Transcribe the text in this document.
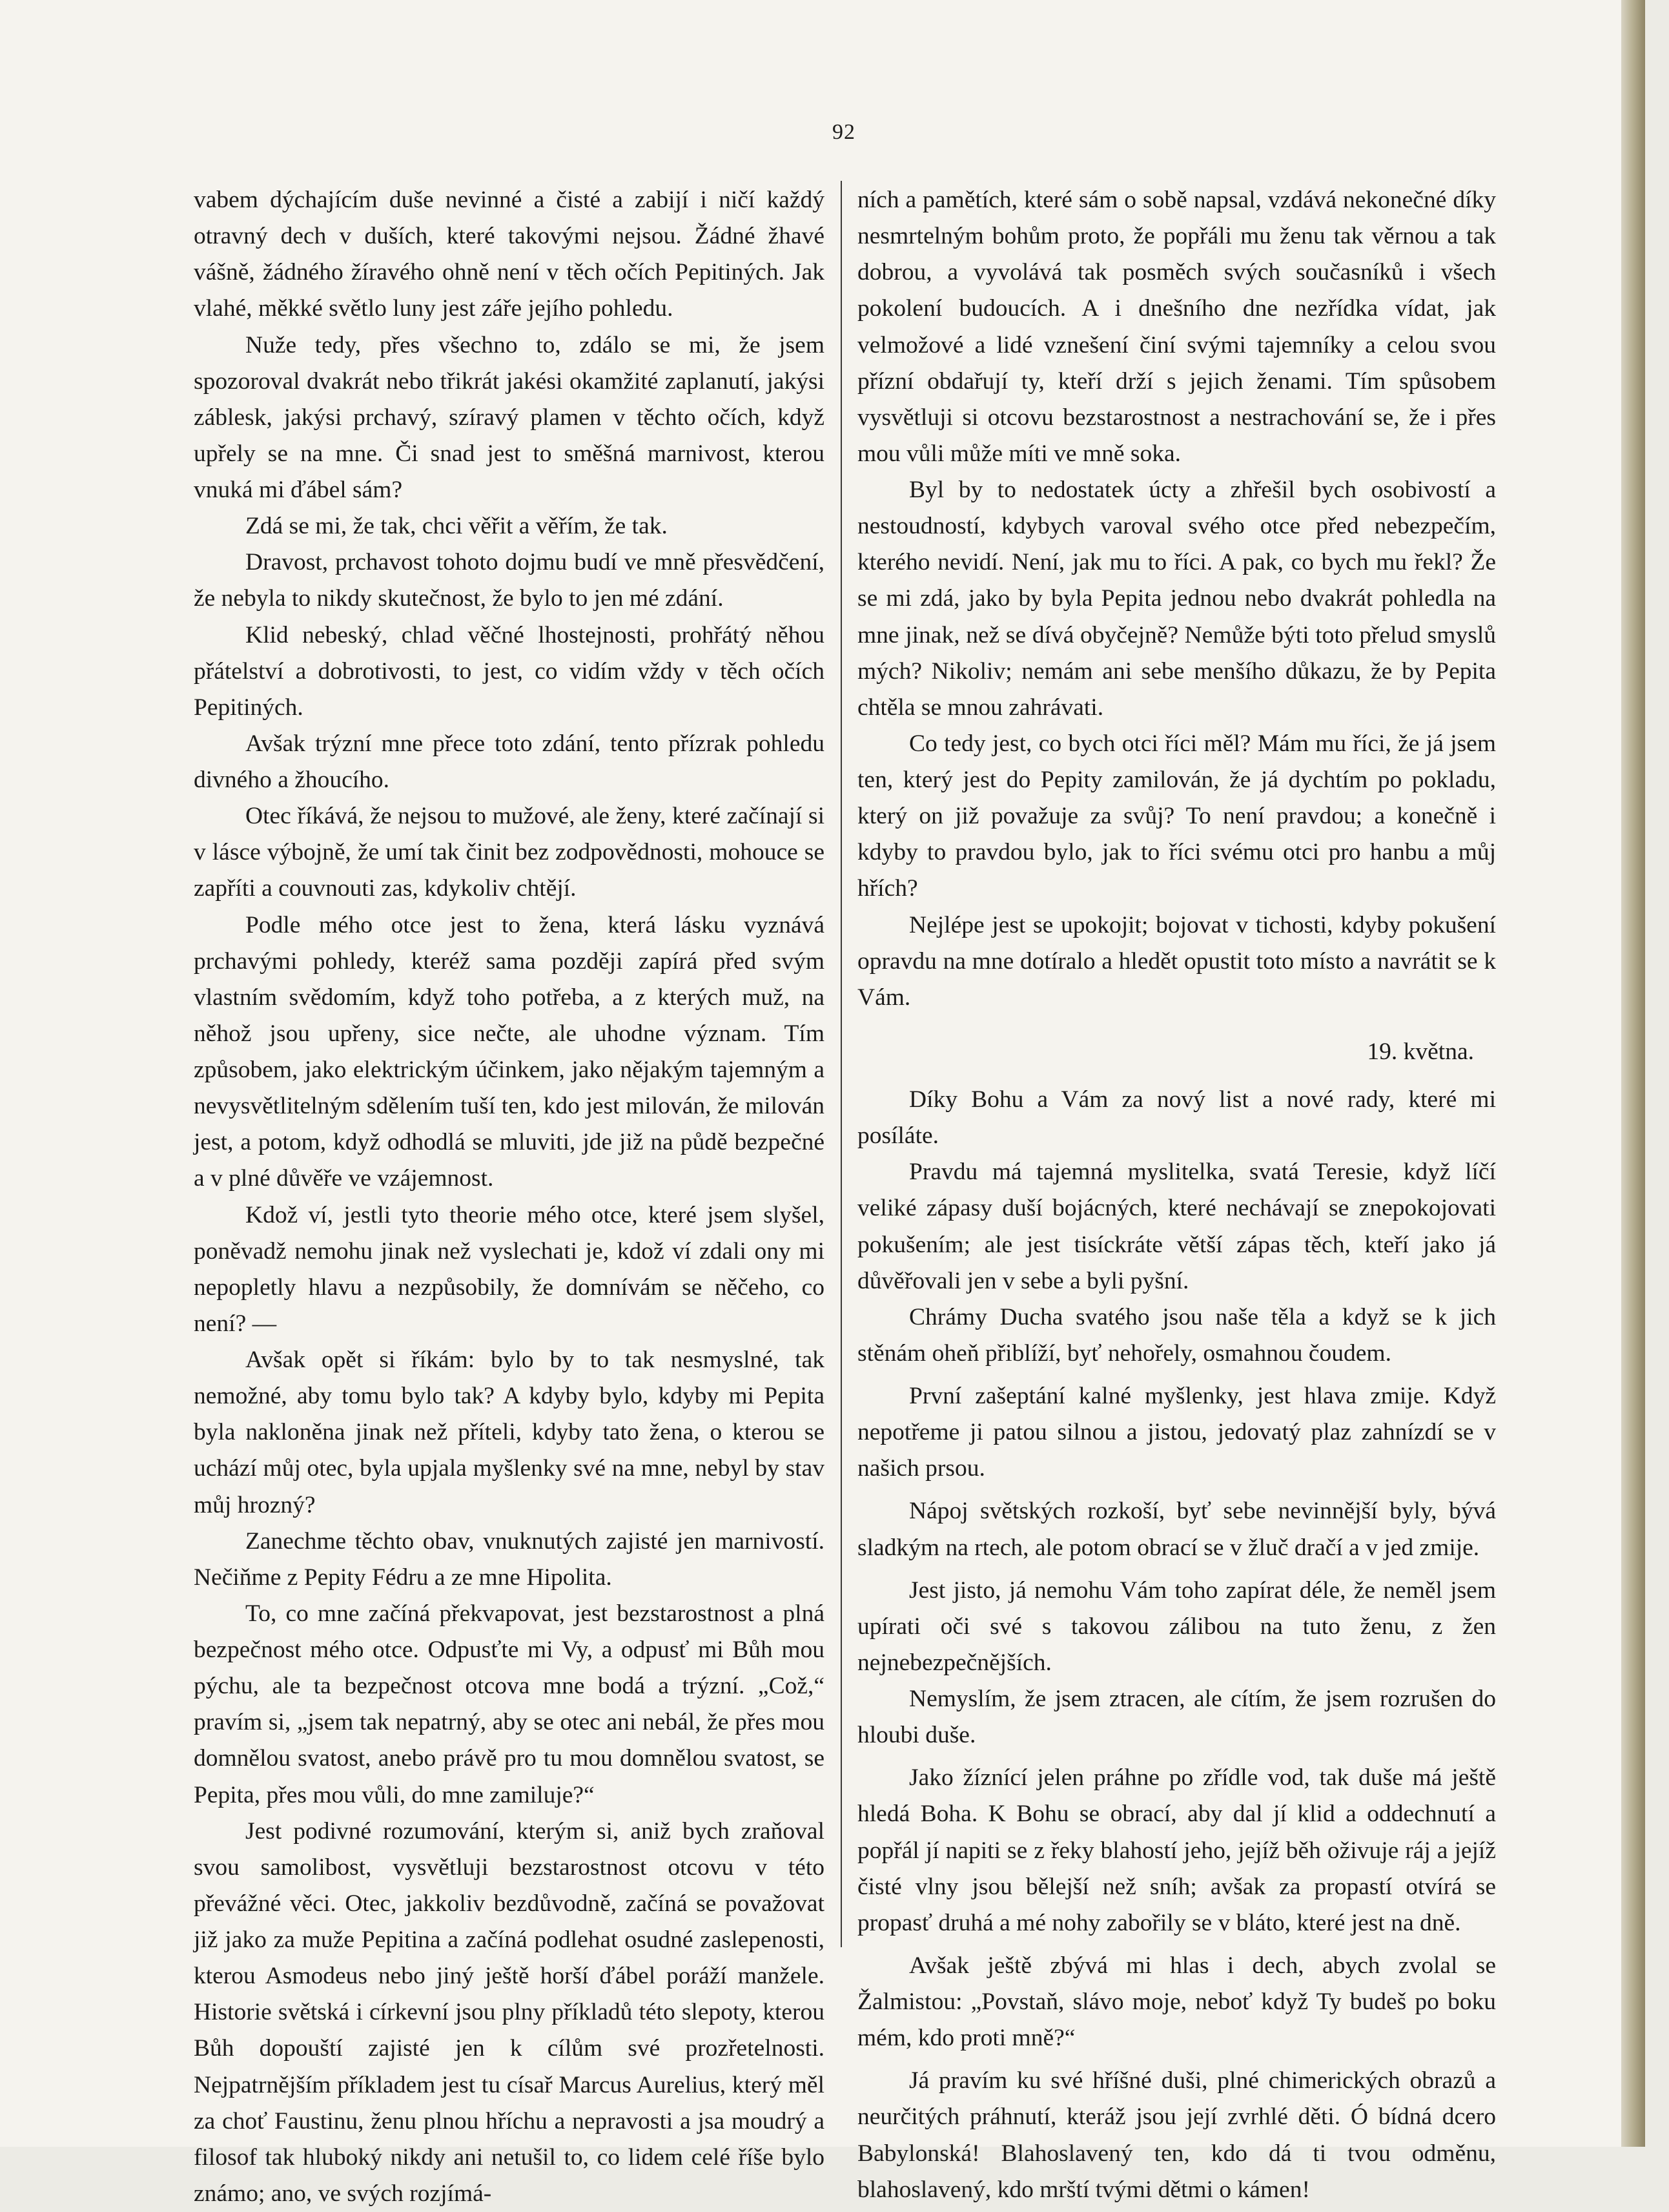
92

vabem dýchajícím duše nevinné a čisté a zabijí i ničí každý otravný dech v duších, které takovými nejsou. Žádné žhavé vášně, žádného žíravého ohně není v těch očích Pepitiných. Jak vlahé, měkké světlo luny jest záře jejího pohledu.

Nuže tedy, přes všechno to, zdálo se mi, že jsem spozoroval dvakrát nebo třikrát jakési okamžité zaplanutí, jakýsi záblesk, jakýsi prchavý, szíravý plamen v těchto očích, když upřely se na mne. Či snad jest to směšná marnivost, kterou vnuká mi ďábel sám?

Zdá se mi, že tak, chci věřit a věřím, že tak.

Dravost, prchavost tohoto dojmu budí ve mně přesvědčení, že nebyla to nikdy skutečnost, že bylo to jen mé zdání.

Klid nebeský, chlad věčné lhostejnosti, prohřátý něhou přátelství a dobrotivosti, to jest, co vidím vždy v těch očích Pepitiných.

Avšak trýzní mne přece toto zdání, tento přízrak pohledu divného a žhoucího.

Otec říkává, že nejsou to mužové, ale ženy, které začínají si v lásce výbojně, že umí tak činit bez zodpovědnosti, mohouce se zapříti a couvnouti zas, kdykoliv chtějí.

Podle mého otce jest to žena, která lásku vyznává prchavými pohledy, kteréž sama později zapírá před svým vlastním svědomím, když toho potřeba, a z kterých muž, na něhož jsou upřeny, sice nečte, ale uhodne význam. Tím způsobem, jako elektrickým účinkem, jako nějakým tajemným a nevysvětlitelným sdělením tuší ten, kdo jest milován, že milován jest, a potom, když odhodlá se mluviti, jde již na půdě bezpečné a v plné důvěře ve vzájemnost.

Kdož ví, jestli tyto theorie mého otce, které jsem slyšel, poněvadž nemohu jinak než vyslechati je, kdož ví zdali ony mi nepopletly hlavu a nezpůsobily, že domnívám se něčeho, co není? —

Avšak opět si říkám: bylo by to tak nesmyslné, tak nemožné, aby tomu bylo tak? A kdyby bylo, kdyby mi Pepita byla nakloněna jinak než příteli, kdyby tato žena, o kterou se uchází můj otec, byla upjala myšlenky své na mne, nebyl by stav můj hrozný?

Zanechme těchto obav, vnuknutých zajisté jen marnivostí. Nečiňme z Pepity Fédru a ze mne Hipolita.

To, co mne začíná překvapovat, jest bezstarostnost a plná bezpečnost mého otce. Odpusťte mi Vy, a odpusť mi Bůh mou pýchu, ale ta bezpečnost otcova mne bodá a trýzní. „Což,“ pravím si, „jsem tak nepatrný, aby se otec ani nebál, že přes mou domnělou svatost, anebo právě pro tu mou domnělou svatost, se Pepita, přes mou vůli, do mne zamiluje?“

Jest podivné rozumování, kterým si, aniž bych zraňoval svou samolibost, vysvětluji bezstarostnost otcovu v této převážné věci. Otec, jakkoliv bezdůvodně, začíná se považovat již jako za muže Pepitina a začíná podlehat osudné zaslepenosti, kterou Asmodeus nebo jiný ještě horší ďábel poráží manžele. Historie světská i církevní jsou plny příkladů této slepoty, kterou Bůh dopouští zajisté jen k cílům své prozřetelnosti. Nejpatrnějším příkladem jest tu císař Marcus Aurelius, který měl za choť Faustinu, ženu plnou hříchu a nepravosti a jsa moudrý a filosof tak hluboký nikdy ani netušil to, co lidem celé říše bylo známo; ano, ve svých rozjímá-

ních a pamětích, které sám o sobě napsal, vzdává nekonečné díky nesmrtelným bohům proto, že popřáli mu ženu tak věrnou a tak dobrou, a vyvolává tak posměch svých současníků i všech pokolení budoucích. A i dnešního dne nezřídka vídat, jak velmožové a lidé vznešení činí svými tajemníky a celou svou přízní obdařují ty, kteří drží s jejich ženami. Tím spůsobem vysvětluji si otcovu bezstarostnost a nestrachování se, že i přes mou vůli může míti ve mně soka.

Byl by to nedostatek úcty a zhřešil bych osobivostí a nestoudností, kdybych varoval svého otce před nebezpečím, kterého nevidí. Není, jak mu to říci. A pak, co bych mu řekl? Že se mi zdá, jako by byla Pepita jednou nebo dvakrát pohledla na mne jinak, než se dívá obyčejně? Nemůže býti toto přelud smyslů mých? Nikoliv; nemám ani sebe menšího důkazu, že by Pepita chtěla se mnou zahrávati.

Co tedy jest, co bych otci říci měl? Mám mu říci, že já jsem ten, který jest do Pepity zamilován, že já dychtím po pokladu, který on již považuje za svůj? To není pravdou; a konečně i kdyby to pravdou bylo, jak to říci svému otci pro hanbu a můj hřích?

Nejlépe jest se upokojit; bojovat v tichosti, kdyby pokušení opravdu na mne dotíralo a hledět opustit toto místo a navrátit se k Vám.

19. května.

Díky Bohu a Vám za nový list a nové rady, které mi posíláte.

Pravdu má tajemná myslitelka, svatá Teresie, když líčí veliké zápasy duší bojácných, které nechávají se znepokojovati pokušením; ale jest tisíckráte větší zápas těch, kteří jako já důvěřovali jen v sebe a byli pyšní.

Chrámy Ducha svatého jsou naše těla a když se k jich stěnám oheň přiblíží, byť nehořely, osmahnou čoudem.

První zašeptání kalné myšlenky, jest hlava zmije. Když nepotřeme ji patou silnou a jistou, jedovatý plaz zahnízdí se v našich prsou.

Nápoj světských rozkoší, byť sebe nevinnější byly, bývá sladkým na rtech, ale potom obrací se v žluč dračí a v jed zmije.

Jest jisto, já nemohu Vám toho zapírat déle, že neměl jsem upírati oči své s takovou zálibou na tuto ženu, z žen nejnebezpečnějších.

Nemyslím, že jsem ztracen, ale cítím, že jsem rozrušen do hloubi duše.

Jako žíznící jelen práhne po zřídle vod, tak duše má ještě hledá Boha. K Bohu se obrací, aby dal jí klid a oddechnutí a popřál jí napiti se z řeky blahostí jeho, jejíž běh oživuje ráj a jejíž čisté vlny jsou bělejší než sníh; avšak za propastí otvírá se propasť druhá a mé nohy zabořily se v bláto, které jest na dně.

Avšak ještě zbývá mi hlas i dech, abych zvolal se Žalmistou: „Povstaň, slávo moje, neboť když Ty budeš po boku mém, kdo proti mně?“

Já pravím ku své hříšné duši, plné chimerických obrazů a neurčitých práhnutí, kteráž jsou její zvrhlé děti. Ó bídná dcero Babylonská! Blahoslavený ten, kdo dá ti tvou odměnu, blahoslavený, kdo mrští tvými dětmi o kámen!
